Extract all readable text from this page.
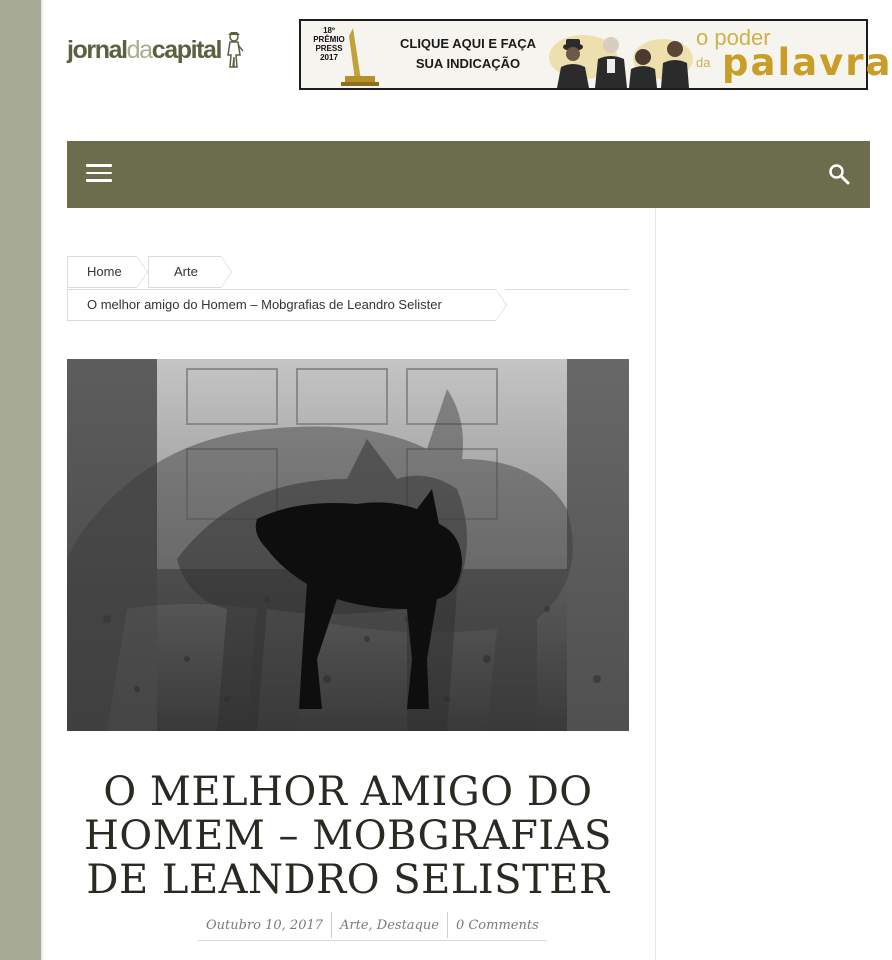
jornaldacapital
18º
PRÊMIO
PRESS
2017
CLIQUE AQUI E FAÇA
SUA INDICAÇÃO
o poder
da palavra
Home	Arte
O melhor amigo do Homem – Mobgrafias de Leandro Selister
O MELHOR AMIGO DO HOMEM – MOBGRAFIAS DE LEANDRO SELISTER
Outubro 10, 2017	Arte, Destaque	0 Comments
